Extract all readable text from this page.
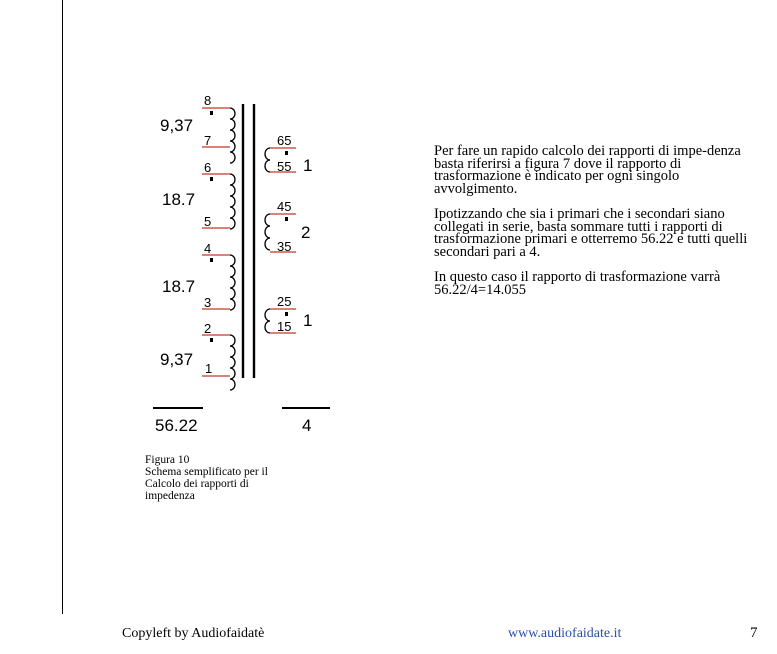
8
7
6
5
4
3
2
1
9,37
18.7
18.7
9,37
65
55
45
35
25
15
1
2
1
56.22	4
Figura 10
Schema semplificato per il
Calcolo dei rapporti di
impedenza

Per fare un rapido calcolo dei rapporti di impe-denza basta riferirsi a figura 7 dove il rapporto di trasformazione è indicato per ogni singolo avvolgimento.

Ipotizzando che sia i primari che i secondari siano collegati in serie, basta sommare tutti i rapporti di trasformazione primari e otterremo 56.22 e tutti quelli secondari pari a 4.

In questo caso il rapporto di trasformazione varrà 56.22/4=14.055

Copyleft by Audiofaidatè	www.audiofaidate.it	7
